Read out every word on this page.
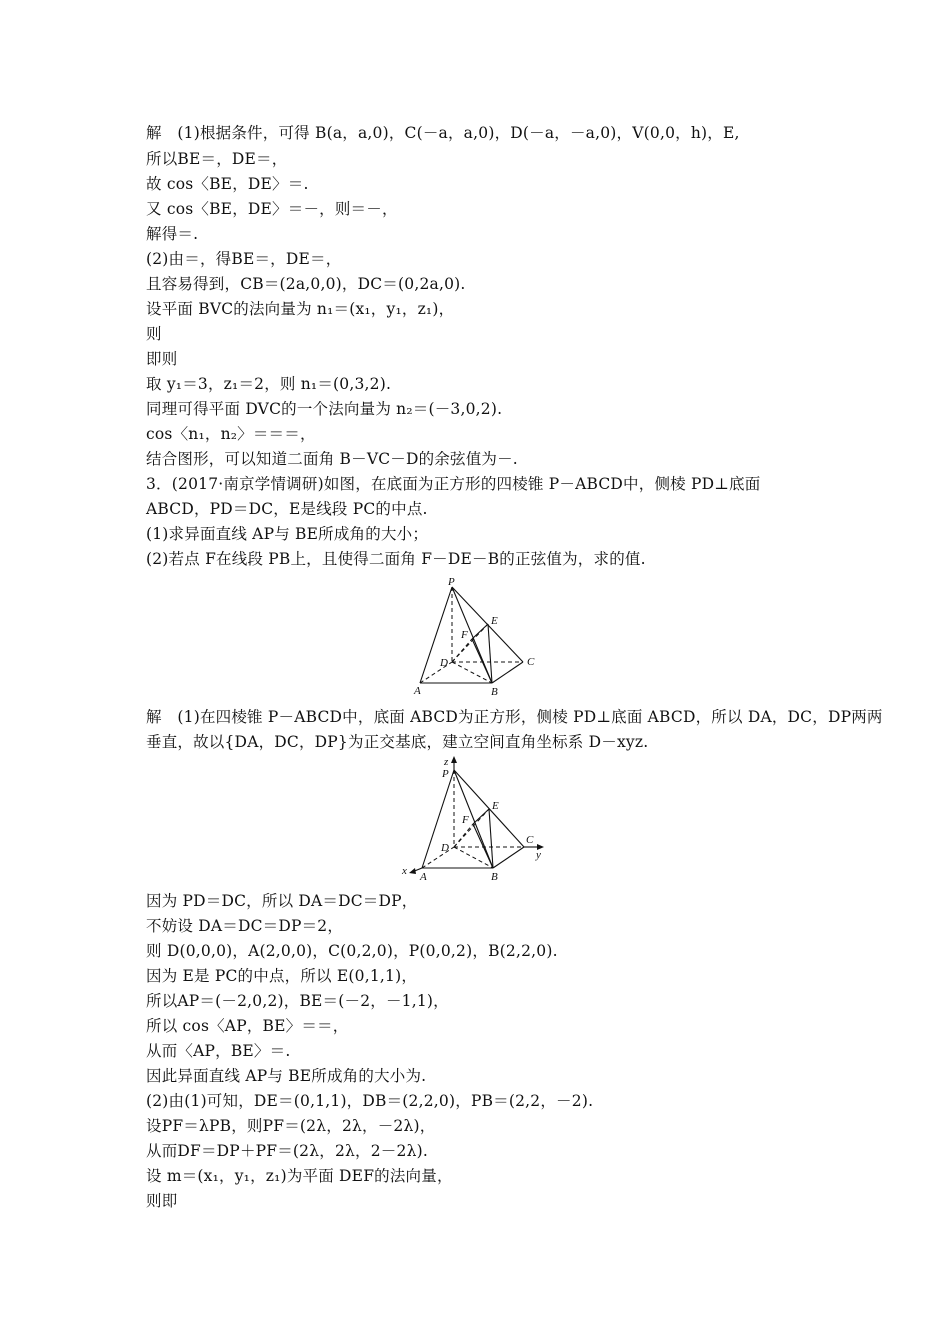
解　(1)根据条件，可得 B(a，a,0)，C(－a，a,0)，D(－a，－a,0)，V(0,0，h)，E,
所以BE＝，DE＝，
故 cos〈BE，DE〉＝.
又 cos〈BE，DE〉＝－，则＝－，
解得＝.
(2)由＝，得BE＝，DE＝，
且容易得到，CB＝(2a,0,0)，DC＝(0,2a,0).
设平面 BVC的法向量为 n₁＝(x₁，y₁，z₁)，
则
即则
取 y₁＝3，z₁＝2，则 n₁＝(0,3,2).
同理可得平面 DVC的一个法向量为 n₂＝(－3,0,2).
cos〈n₁，n₂〉＝＝＝，
结合图形，可以知道二面角 B－VC－D的余弦值为－.
3．(2017·南京学情调研)如图，在底面为正方形的四棱锥 P－ABCD中，侧棱 PD⊥底面
ABCD，PD＝DC，E是线段 PC的中点.
(1)求异面直线 AP与 BE所成角的大小；
(2)若点 F在线段 PB上，且使得二面角 F－DE－B的正弦值为，求的值.
P
E
F
D	C
A	B
解　(1)在四棱锥 P－ABCD中，底面 ABCD为正方形，侧棱 PD⊥底面 ABCD，所以 DA，DC，DP两两
垂直，故以{DA，DC，DP}为正交基底，建立空间直角坐标系 D－xyz.
z
P
E
F
D
C
y
x A	B
因为 PD＝DC，所以 DA＝DC＝DP，
不妨设 DA＝DC＝DP＝2，
则 D(0,0,0)，A(2,0,0)，C(0,2,0)，P(0,0,2)，B(2,2,0).
因为 E是 PC的中点，所以 E(0,1,1)，
所以AP＝(－2,0,2)，BE＝(－2，－1,1)，
所以 cos〈AP，BE〉＝＝，
从而〈AP，BE〉＝.
因此异面直线 AP与 BE所成角的大小为.
(2)由(1)可知，DE＝(0,1,1)，DB＝(2,2,0)，PB＝(2,2，－2).
设PF＝λPB，则PF＝(2λ，2λ，－2λ)，
从而DF＝DP＋PF＝(2λ，2λ，2－2λ).
设 m＝(x₁，y₁，z₁)为平面 DEF的法向量，
则即
